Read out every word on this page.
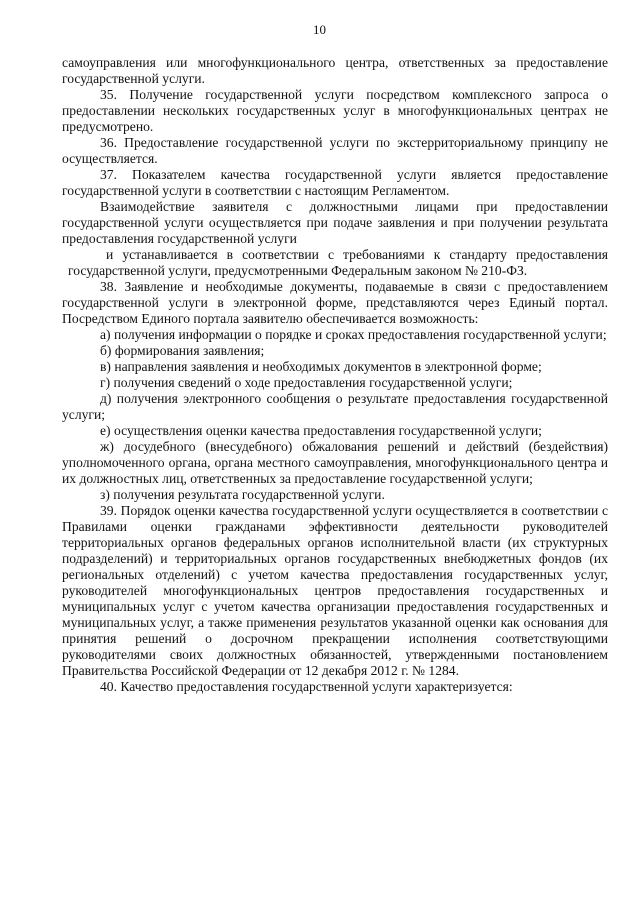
10

самоуправления или многофункционального центра, ответственных за предоставление государственной услуги.

35. Получение государственной услуги посредством комплексного запроса о предоставлении нескольких государственных услуг в многофункциональных центрах не предусмотрено.

36. Предоставление государственной услуги по экстерриториальному принципу не осуществляется.

37. Показателем качества государственной услуги является предоставление государственной услуги в соответствии с настоящим Регламентом.

Взаимодействие заявителя с должностными лицами при предоставлении государственной услуги осуществляется при подаче заявления и при получении результата предоставления государственной услуги

и устанавливается в соответствии с требованиями к стандарту предоставления государственной услуги, предусмотренными Федеральным законом № 210-ФЗ.

38. Заявление и необходимые документы, подаваемые в связи с предоставлением государственной услуги в электронной форме, представляются через Единый портал. Посредством Единого портала заявителю обеспечивается возможность:

а) получения информации о порядке и сроках предоставления государственной услуги;

б) формирования заявления;

в) направления заявления и необходимых документов в электронной форме;

г) получения сведений о ходе предоставления государственной услуги;

д) получения электронного сообщения о результате предоставления государственной услуги;

е) осуществления оценки качества предоставления государственной услуги;

ж) досудебного (внесудебного) обжалования решений и действий (бездействия) уполномоченного органа, органа местного самоуправления, многофункционального центра и их должностных лиц, ответственных за предоставление государственной услуги;

з) получения результата государственной услуги.

39. Порядок оценки качества государственной услуги осуществляется в соответствии с Правилами оценки гражданами эффективности деятельности руководителей территориальных органов федеральных органов исполнительной власти (их структурных подразделений) и территориальных органов государственных внебюджетных фондов (их региональных отделений) с учетом качества предоставления государственных услуг, руководителей многофункциональных центров предоставления государственных и муниципальных услуг с учетом качества организации предоставления государственных и муниципальных услуг, а также применения результатов указанной оценки как основания для принятия решений о досрочном прекращении исполнения соответствующими руководителями своих должностных обязанностей, утвержденными постановлением Правительства Российской Федерации от 12 декабря 2012 г. № 1284.

40. Качество предоставления государственной услуги характеризуется:
